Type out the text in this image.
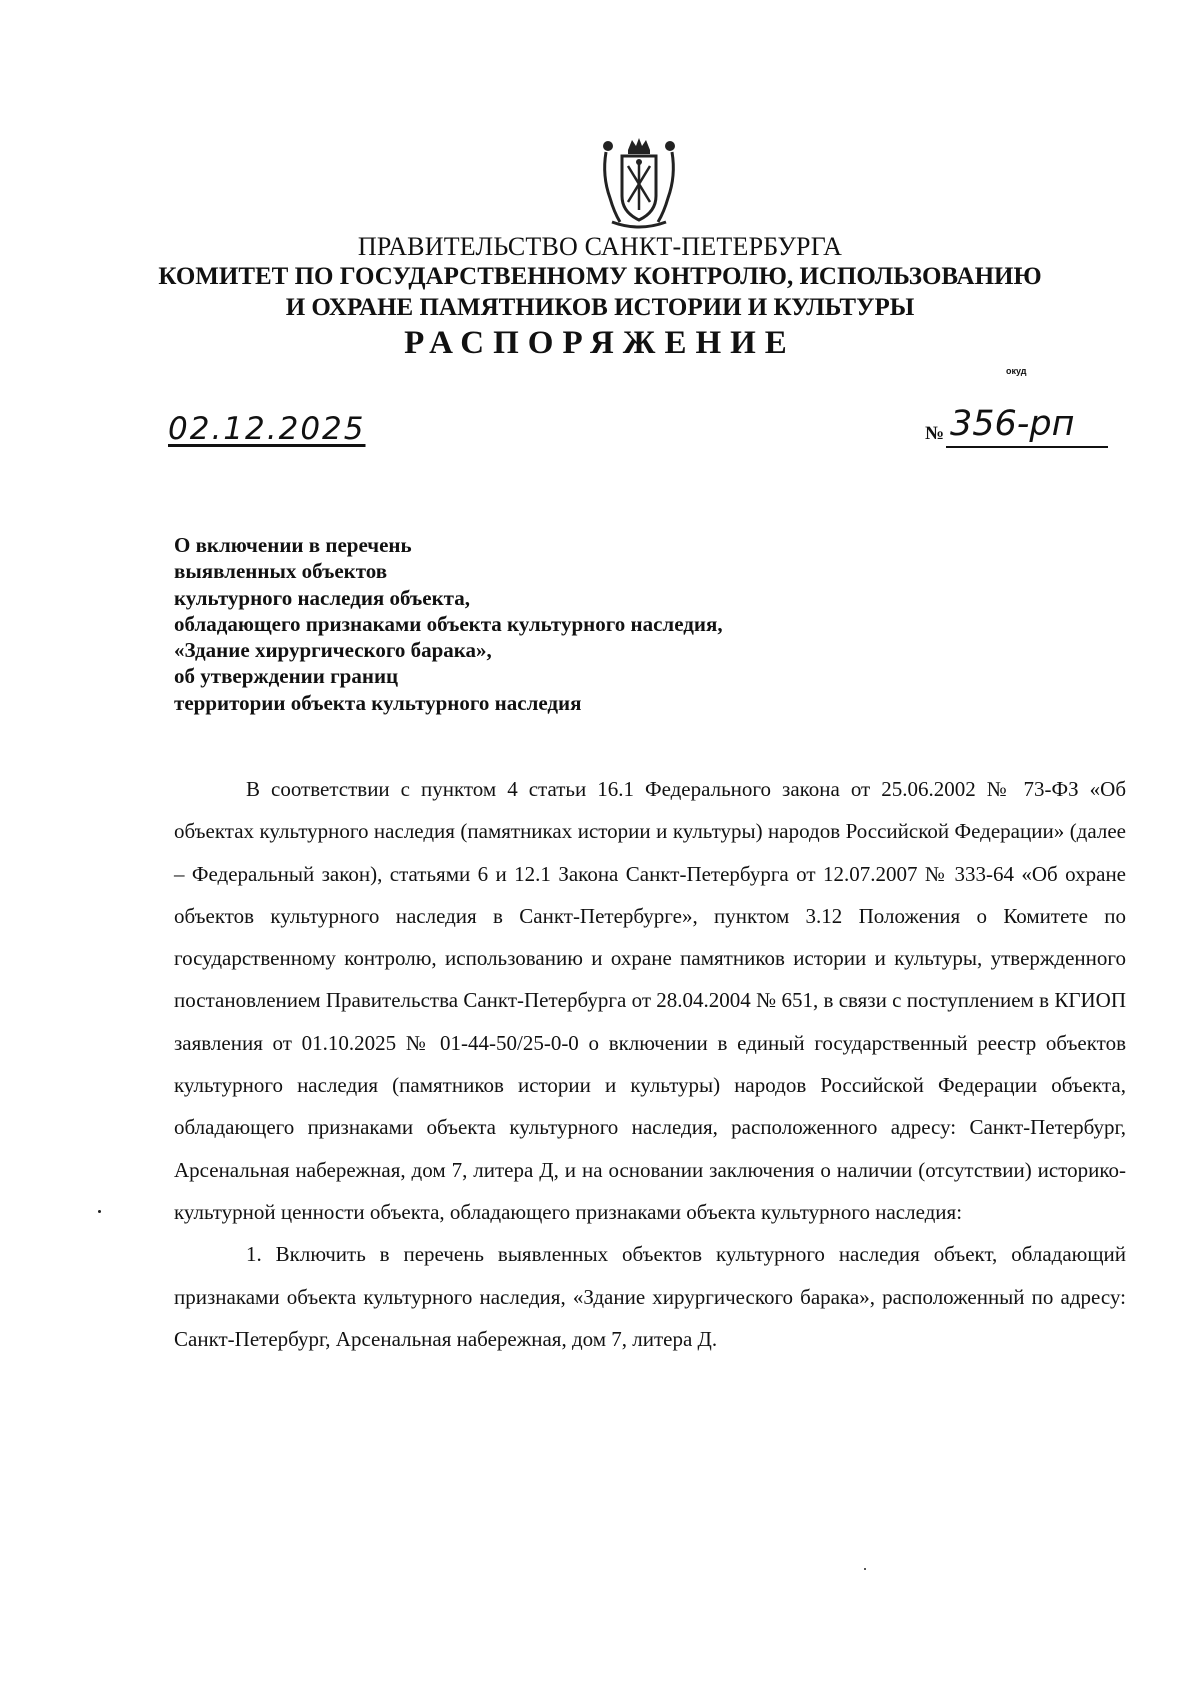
ПРАВИТЕЛЬСТВО САНКТ-ПЕТЕРБУРГА
КОМИТЕТ ПО ГОСУДАРСТВЕННОМУ КОНТРОЛЮ, ИСПОЛЬЗОВАНИЮ
И ОХРАНЕ ПАМЯТНИКОВ ИСТОРИИ И КУЛЬТУРЫ
РАСПОРЯЖЕНИЕ
окуд
02.12.2025	№ 356-рп
О включении в перечень
выявленных объектов
культурного наследия объекта,
обладающего признаками объекта культурного наследия,
«Здание хирургического барака»,
об утверждении границ
территории объекта культурного наследия

В соответствии с пунктом 4 статьи 16.1 Федерального закона от 25.06.2002 № 73-ФЗ «Об объектах культурного наследия (памятниках истории и культуры) народов Российской Федерации» (далее – Федеральный закон), статьями 6 и 12.1 Закона Санкт-Петербурга от 12.07.2007 № 333-64 «Об охране объектов культурного наследия в Санкт-Петербурге», пунктом 3.12 Положения о Комитете по государственному контролю, использованию и охране памятников истории и культуры, утвержденного постановлением Правительства Санкт-Петербурга от 28.04.2004 № 651, в связи с поступлением в КГИОП заявления от 01.10.2025 № 01-44-50/25-0-0 о включении в единый государственный реестр объектов культурного наследия (памятников истории и культуры) народов Российской Федерации объекта, обладающего признаками объекта культурного наследия, расположенного адресу: Санкт-Петербург, Арсенальная набережная, дом 7, литера Д, и на основании заключения о наличии (отсутствии) историко-культурной ценности объекта, обладающего признаками объекта культурного наследия:

1. Включить в перечень выявленных объектов культурного наследия объект, обладающий признаками объекта культурного наследия, «Здание хирургического барака», расположенный по адресу: Санкт-Петербург, Арсенальная набережная, дом 7, литера Д.
